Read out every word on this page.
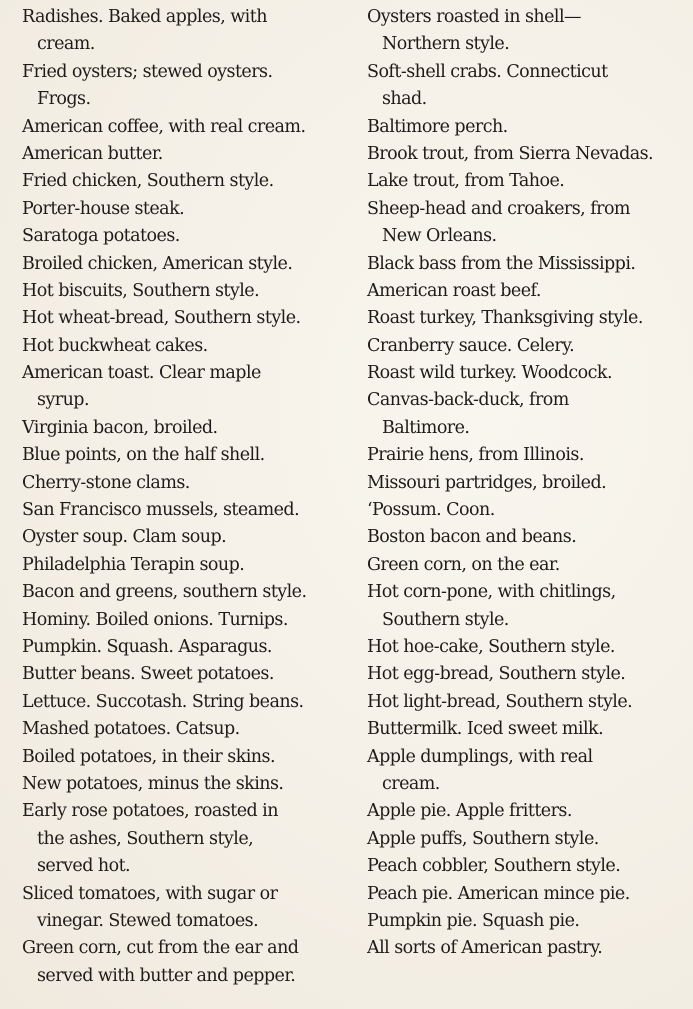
Radishes. Baked apples, with
cream.
Fried oysters; stewed oysters.
Frogs.
American coffee, with real cream.
American butter.
Fried chicken, Southern style.
Porter-house steak.
Saratoga potatoes.
Broiled chicken, American style.
Hot biscuits, Southern style.
Hot wheat-bread, Southern style.
Hot buckwheat cakes.
American toast. Clear maple
syrup.
Virginia bacon, broiled.
Blue points, on the half shell.
Cherry-stone clams.
San Francisco mussels, steamed.
Oyster soup. Clam soup.
Philadelphia Terapin soup.
Bacon and greens, southern style.
Hominy. Boiled onions. Turnips.
Pumpkin. Squash. Asparagus.
Butter beans. Sweet potatoes.
Lettuce. Succotash. String beans.
Mashed potatoes. Catsup.
Boiled potatoes, in their skins.
New potatoes, minus the skins.
Early rose potatoes, roasted in
the ashes, Southern style,
served hot.
Sliced tomatoes, with sugar or
vinegar. Stewed tomatoes.
Green corn, cut from the ear and
served with butter and pepper.
Oysters roasted in shell—
Northern style.
Soft-shell crabs. Connecticut
shad.
Baltimore perch.
Brook trout, from Sierra Nevadas.
Lake trout, from Tahoe.
Sheep-head and croakers, from
New Orleans.
Black bass from the Mississippi.
American roast beef.
Roast turkey, Thanksgiving style.
Cranberry sauce. Celery.
Roast wild turkey. Woodcock.
Canvas-back-duck, from
Baltimore.
Prairie hens, from Illinois.
Missouri partridges, broiled.
‘Possum. Coon.
Boston bacon and beans.
Green corn, on the ear.
Hot corn-pone, with chitlings,
Southern style.
Hot hoe-cake, Southern style.
Hot egg-bread, Southern style.
Hot light-bread, Southern style.
Buttermilk. Iced sweet milk.
Apple dumplings, with real
cream.
Apple pie. Apple fritters.
Apple puffs, Southern style.
Peach cobbler, Southern style.
Peach pie. American mince pie.
Pumpkin pie. Squash pie.
All sorts of American pastry.
